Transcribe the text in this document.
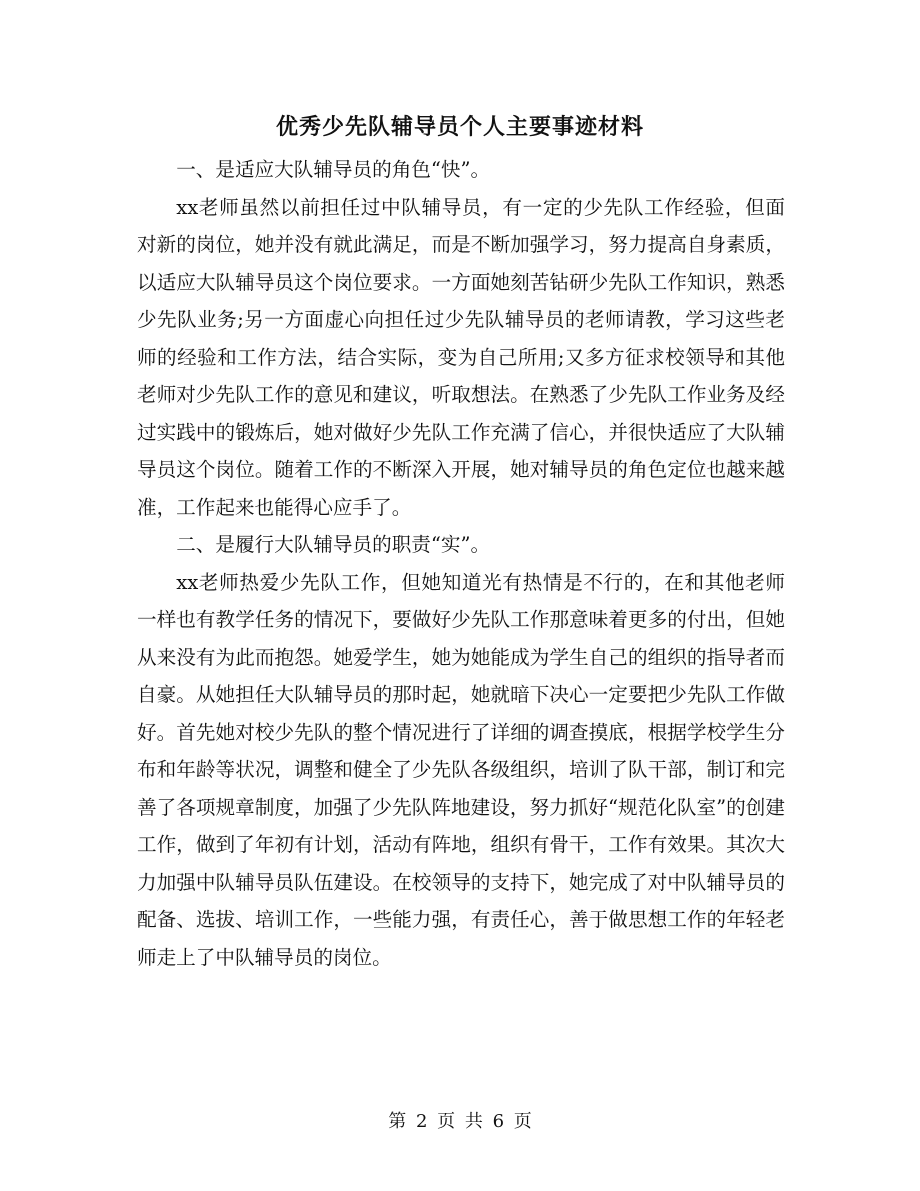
优秀少先队辅导员个人主要事迹材料

一、是适应大队辅导员的角色“快”。

xx老师虽然以前担任过中队辅导员，有一定的少先队工作经验，但面对新的岗位，她并没有就此满足，而是不断加强学习，努力提高自身素质，以适应大队辅导员这个岗位要求。一方面她刻苦钻研少先队工作知识，熟悉少先队业务;另一方面虚心向担任过少先队辅导员的老师请教，学习这些老师的经验和工作方法，结合实际，变为自己所用;又多方征求校领导和其他老师对少先队工作的意见和建议，听取想法。在熟悉了少先队工作业务及经过实践中的锻炼后，她对做好少先队工作充满了信心，并很快适应了大队辅导员这个岗位。随着工作的不断深入开展，她对辅导员的角色定位也越来越准，工作起来也能得心应手了。

二、是履行大队辅导员的职责“实”。

xx老师热爱少先队工作，但她知道光有热情是不行的，在和其他老师一样也有教学任务的情况下，要做好少先队工作那意味着更多的付出，但她从来没有为此而抱怨。她爱学生，她为她能成为学生自己的组织的指导者而自豪。从她担任大队辅导员的那时起，她就暗下决心一定要把少先队工作做好。首先她对校少先队的整个情况进行了详细的调查摸底，根据学校学生分布和年龄等状况，调整和健全了少先队各级组织，培训了队干部，制订和完善了各项规章制度，加强了少先队阵地建设，努力抓好“规范化队室”的创建工作，做到了年初有计划，活动有阵地，组织有骨干，工作有效果。其次大力加强中队辅导员队伍建设。在校领导的支持下，她完成了对中队辅导员的配备、选拔、培训工作，一些能力强，有责任心，善于做思想工作的年轻老师走上了中队辅导员的岗位。

第 2 页 共 6 页
